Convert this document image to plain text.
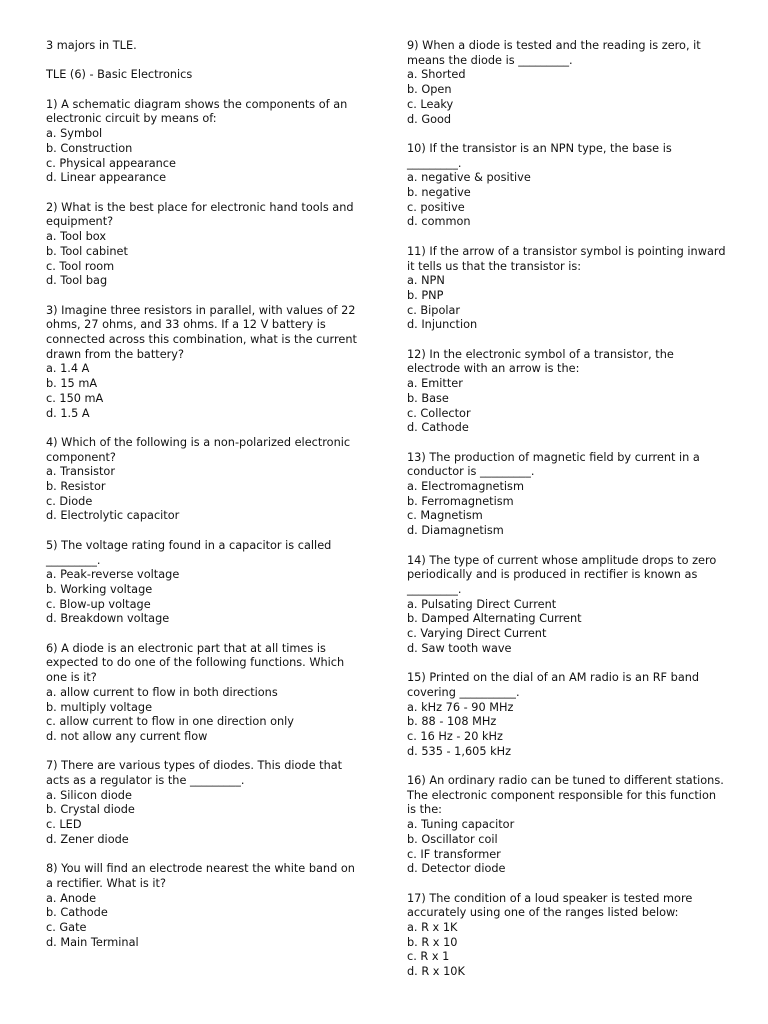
3 majors in TLE.
TLE (6) - Basic Electronics
1) A schematic diagram shows the components of an
electronic circuit by means of:
a. Symbol
b. Construction
c. Physical appearance
d. Linear appearance
2) What is the best place for electronic hand tools and
equipment?
a. Tool box
b. Tool cabinet
c. Tool room
d. Tool bag
3) Imagine three resistors in parallel, with values of 22
ohms, 27 ohms, and 33 ohms. If a 12 V battery is
connected across this combination, what is the current
drawn from the battery?
a. 1.4 A
b. 15 mA
c. 150 mA
d. 1.5 A
4) Which of the following is a non-polarized electronic
component?
a. Transistor
b. Resistor
c. Diode
d. Electrolytic capacitor
5) The voltage rating found in a capacitor is called
_________.
a. Peak-reverse voltage
b. Working voltage
c. Blow-up voltage
d. Breakdown voltage
6) A diode is an electronic part that at all times is
expected to do one of the following functions. Which
one is it?
a. allow current to flow in both directions
b. multiply voltage
c. allow current to flow in one direction only
d. not allow any current flow
7) There are various types of diodes. This diode that
acts as a regulator is the _________.
a. Silicon diode
b. Crystal diode
c. LED
d. Zener diode
8) You will find an electrode nearest the white band on
a rectifier. What is it?
a. Anode
b. Cathode
c. Gate
d. Main Terminal
9) When a diode is tested and the reading is zero, it
means the diode is _________.
a. Shorted
b. Open
c. Leaky
d. Good
10) If the transistor is an NPN type, the base is
_________.
a. negative & positive
b. negative
c. positive
d. common
11) If the arrow of a transistor symbol is pointing inward
it tells us that the transistor is:
a. NPN
b. PNP
c. Bipolar
d. Injunction
12) In the electronic symbol of a transistor, the
electrode with an arrow is the:
a. Emitter
b. Base
c. Collector
d. Cathode
13) The production of magnetic field by current in a
conductor is _________.
a. Electromagnetism
b. Ferromagnetism
c. Magnetism
d. Diamagnetism
14) The type of current whose amplitude drops to zero
periodically and is produced in rectifier is known as
_________.
a. Pulsating Direct Current
b. Damped Alternating Current
c. Varying Direct Current
d. Saw tooth wave
15) Printed on the dial of an AM radio is an RF band
covering __________.
a. kHz 76 - 90 MHz
b. 88 - 108 MHz
c. 16 Hz - 20 kHz
d. 535 - 1,605 kHz
16) An ordinary radio can be tuned to different stations.
The electronic component responsible for this function
is the:
a. Tuning capacitor
b. Oscillator coil
c. IF transformer
d. Detector diode
17) The condition of a loud speaker is tested more
accurately using one of the ranges listed below:
a. R x 1K
b. R x 10
c. R x 1
d. R x 10K
